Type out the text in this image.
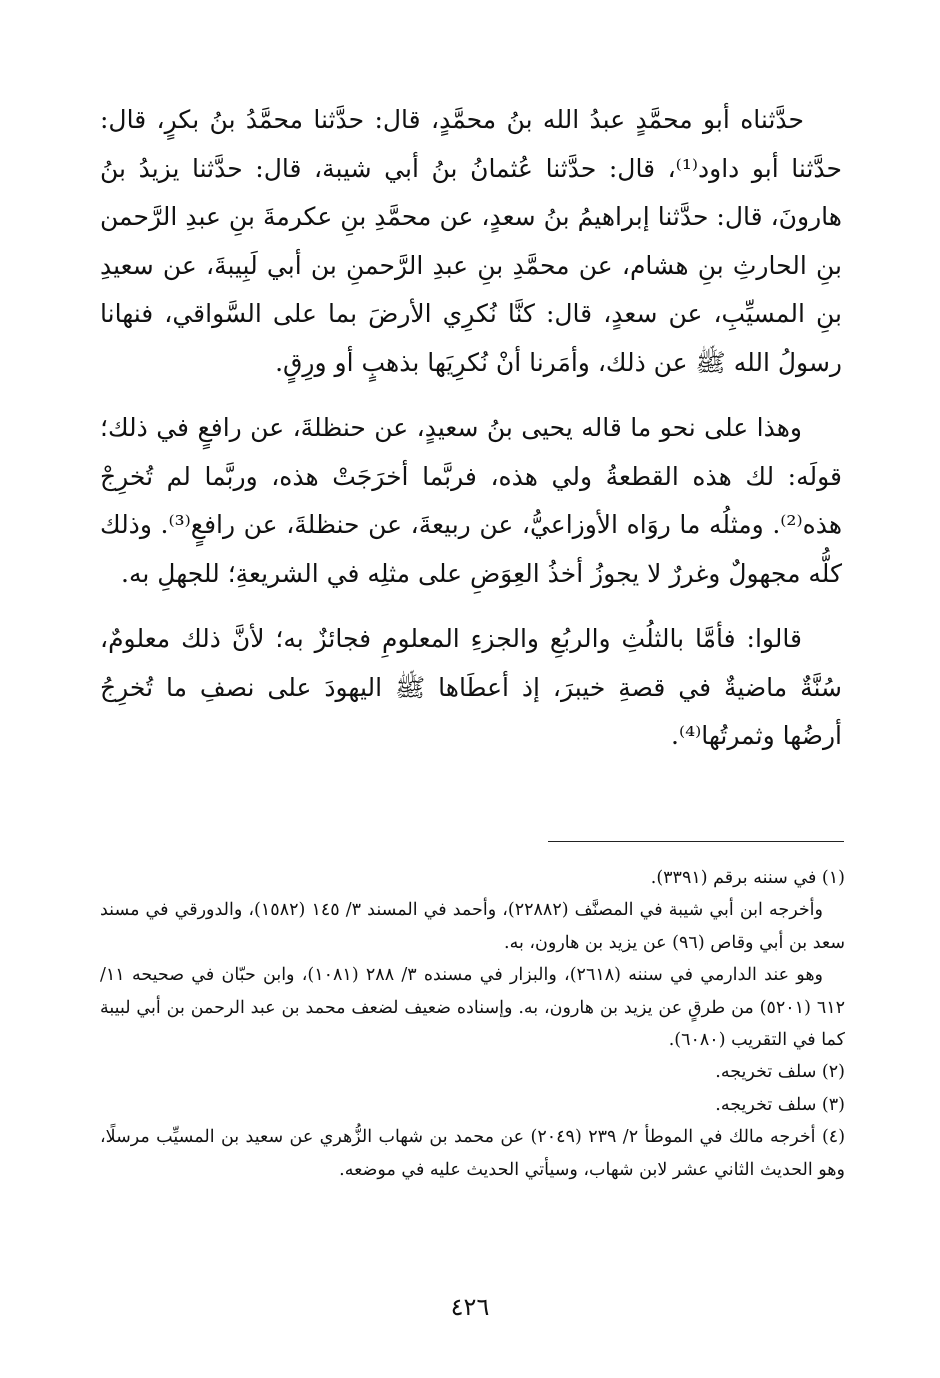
حدَّثناه أبو محمَّدٍ عبدُ الله بنُ محمَّدٍ، قال: حدَّثنا محمَّدُ بنُ بكرٍ، قال: حدَّثنا أبو داود⁽¹⁾، قال: حدَّثنا عُثمانُ بنُ أبي شيبة، قال: حدَّثنا يزيدُ بنُ هارونَ، قال: حدَّثنا إبراهيمُ بنُ سعدٍ، عن محمَّدِ بنِ عكرمةَ بنِ عبدِ الرَّحمن بنِ الحارثِ بنِ هشام، عن محمَّدِ بنِ عبدِ الرَّحمنِ بن أبي لَبِيبةَ، عن سعيدِ بنِ المسيِّبِ، عن سعدٍ، قال: كنَّا نُكرِي الأرضَ بما على السَّواقي، فنهانا رسولُ الله ﷺ عن ذلك، وأمَرنا أنْ نُكرِيَها بذهبٍ أو ورِقٍ.

وهذا على نحو ما قاله يحيى بنُ سعيدٍ، عن حنظلةَ، عن رافعٍ في ذلك؛ قولَه: لك هذه القطعةُ ولي هذه، فربَّما أخرَجَتْ هذه، وربَّما لم تُخرِجْ هذه⁽²⁾. ومثلُه ما روَاه الأوزاعيُّ، عن ربيعةَ، عن حنظلةَ، عن رافعٍ⁽³⁾. وذلك كلُّه مجهولٌ وغررٌ لا يجوزُ أخذُ العِوَضِ على مثلِه في الشريعةِ؛ للجهلِ به.

قالوا: فأمَّا بالثلُثِ والربُعِ والجزءِ المعلومِ فجائزٌ به؛ لأنَّ ذلك معلومٌ، سُنَّةٌ ماضيةٌ في قصةِ خيبرَ، إذ أعطَاها ﷺ اليهودَ على نصفِ ما تُخرِجُ أرضُها وثمرتُها⁽⁴⁾.

(١) في سننه برقم (٣٣٩١).

وأخرجه ابن أبي شيبة في المصنَّف (٢٢٨٨٢)، وأحمد في المسند ٣/ ١٤٥ (١٥٨٢)، والدورقي في مسند سعد بن أبي وقاص (٩٦) عن يزيد بن هارون، به.

وهو عند الدارمي في سننه (٢٦١٨)، والبزار في مسنده ٣/ ٢٨٨ (١٠٨١)، وابن حبّان في صحيحه ١١/ ٦١٢ (٥٢٠١) من طرقٍ عن يزيد بن هارون، به. وإسناده ضعيف لضعف محمد بن عبد الرحمن بن أبي لبيبة كما في التقريب (٦٠٨٠).

(٢) سلف تخريجه.

(٣) سلف تخريجه.

(٤) أخرجه مالك في الموطأ ٢/ ٢٣٩ (٢٠٤٩) عن محمد بن شهاب الزُّهري عن سعيد بن المسيِّب مرسلًا، وهو الحديث الثاني عشر لابن شهاب، وسيأتي الحديث عليه في موضعه.

٤٢٦
